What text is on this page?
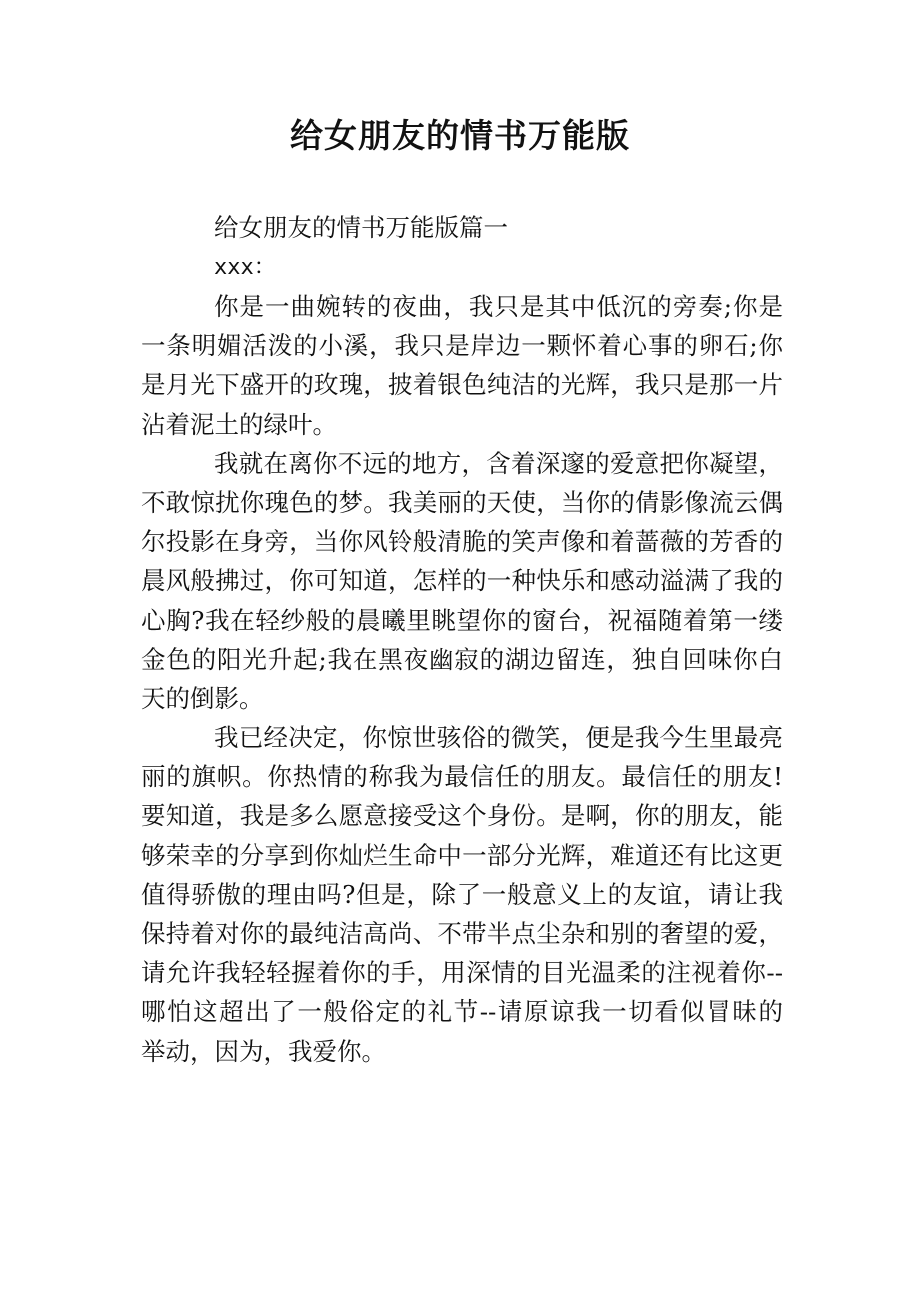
给女朋友的情书万能版
给女朋友的情书万能版篇一
xxx：
你是一曲婉转的夜曲，我只是其中低沉的旁奏;你是
一条明媚活泼的小溪，我只是岸边一颗怀着心事的卵石;你
是月光下盛开的玫瑰，披着银色纯洁的光辉，我只是那一片
沾着泥土的绿叶。
我就在离你不远的地方，含着深邃的爱意把你凝望，
不敢惊扰你瑰色的梦。我美丽的天使，当你的倩影像流云偶
尔投影在身旁，当你风铃般清脆的笑声像和着蔷薇的芳香的
晨风般拂过，你可知道，怎样的一种快乐和感动溢满了我的
心胸?我在轻纱般的晨曦里眺望你的窗台，祝福随着第一缕
金色的阳光升起;我在黑夜幽寂的湖边留连，独自回味你白
天的倒影。
我已经决定，你惊世骇俗的微笑，便是我今生里最亮
丽的旗帜。你热情的称我为最信任的朋友。最信任的朋友!
要知道，我是多么愿意接受这个身份。是啊，你的朋友，能
够荣幸的分享到你灿烂生命中一部分光辉，难道还有比这更
值得骄傲的理由吗?但是，除了一般意义上的友谊，请让我
保持着对你的最纯洁高尚、不带半点尘杂和别的奢望的爱，
请允许我轻轻握着你的手，用深情的目光温柔的注视着你--
哪怕这超出了一般俗定的礼节--请原谅我一切看似冒昧的
举动，因为，我爱你。
